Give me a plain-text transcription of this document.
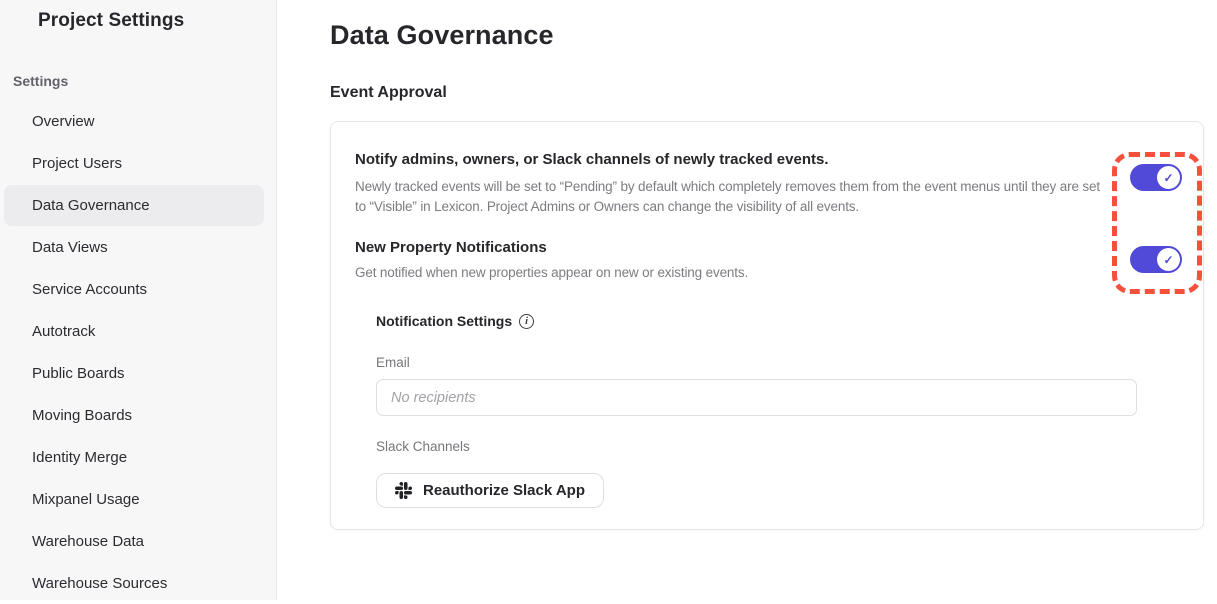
Project Settings
Settings
Overview
Project Users
Data Governance
Data Views
Service Accounts
Autotrack
Public Boards
Moving Boards
Identity Merge
Mixpanel Usage
Warehouse Data
Warehouse Sources
Data Governance
Event Approval

Notify admins, owners, or Slack channels of newly tracked events.

Newly tracked events will be set to “Pending” by default which completely removes them from the event menus until they are set to “Visible” in Lexicon. Project Admins or Owners can change the visibility of all events.

New Property Notifications

Get notified when new properties appear on new or existing events.

Notification Settings
i
Email
No recipients
Slack Channels
Reauthorize Slack App
✓
✓
